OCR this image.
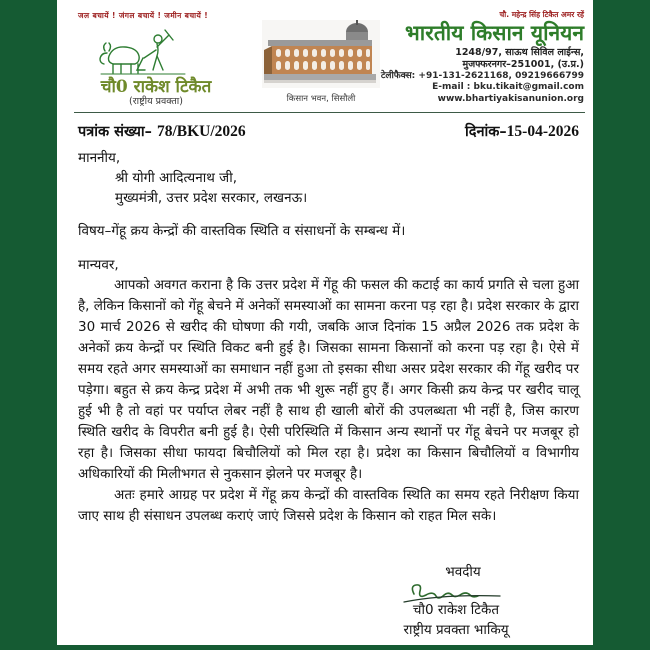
जल बचायें ! जंगल बचायें ! जमीन बचायें !
चौ0 राकेश टिकैत
(राष्ट्रीय प्रवक्ता)	किसान भवन, सिसौली
चौ. महेन्द्र सिंह टिकैत अमर रहें
भारतीय किसान यूनियन
1248/97, साऊथ सिविल लाईन्स,
मुजफ्फरनगर–251001, (उ.प्र.)
टेलीफैक्स: +91-131-2621168, 09219666799
E-mail : bku.tikait@gmail.com
www.bhartiyakisanunion.org
पत्रांक संख्या– 78/BKU/2026	दिनांक–15-04-2026

माननीय,

श्री योगी आदित्यनाथ जी,

मुख्यमंत्री, उत्तर प्रदेश सरकार, लखनऊ।

विषय–गेंहू क्रय केन्द्रों की वास्तविक स्थिति व संसाधनों के सम्बन्ध में।

मान्यवर,

आपको अवगत कराना है कि उत्तर प्रदेश में गेंहू की फसल की कटाई का कार्य प्रगति से चला हुआ है, लेकिन किसानों को गेंहू बेचने में अनेकों समस्याओं का सामना करना पड़ रहा है। प्रदेश सरकार के द्वारा 30 मार्च 2026 से खरीद की घोषणा की गयी, जबकि आज दिनांक 15 अप्रैल 2026 तक प्रदेश के अनेकों क्रय केन्द्रों पर स्थिति विकट बनी हुई है। जिसका सामना किसानों को करना पड़ रहा है। ऐसे में समय रहते अगर समस्याओं का समाधान नहीं हुआ तो इसका सीधा असर प्रदेश सरकार की गेंहू खरीद पर पड़ेगा। बहुत से क्रय केन्द्र प्रदेश में अभी तक भी शुरू नहीं हुए हैं। अगर किसी क्रय केन्द्र पर खरीद चालू हुई भी है तो वहां पर पर्याप्त लेबर नहीं है साथ ही खाली बोरों की उपलब्धता भी नहीं है, जिस कारण स्थिति खरीद के विपरीत बनी हुई है। ऐसी परिस्थिति में किसान अन्य स्थानों पर गेंहू बेचने पर मजबूर हो रहा है। जिसका सीधा फायदा बिचौलियों को मिल रहा है। प्रदेश का किसान बिचौलियों व विभागीय अधिकारियों की मिलीभगत से नुकसान झेलने पर मजबूर है।

अतः हमारे आग्रह पर प्रदेश में गेंहू क्रय केन्द्रों की वास्तविक स्थिति का समय रहते निरीक्षण किया जाए साथ ही संसाधन उपलब्ध कराएं जाएं जिससे प्रदेश के किसान को राहत मिल सके।

भवदीय
चौ0 राकेश टिकैत
राष्ट्रीय प्रवक्ता भाकियू
